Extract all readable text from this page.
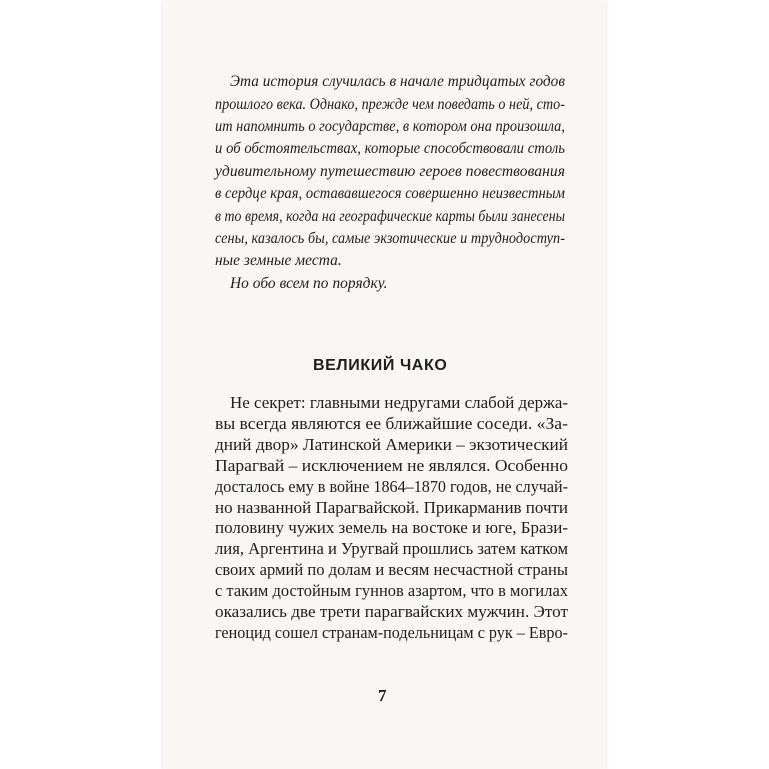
Эта история случилась в начале тридцатых годов

прошлого века. Однако, прежде чем поведать о ней, сто-

ит напомнить о государстве, в котором она произошла,

и об обстоятельствах, которые способствовали столь

удивительному путешествию героев повествования

в сердце края, остававшегося совершенно неизвестным

в то время, когда на географические карты были занесены

сены, казалось бы, самые экзотические и труднодоступ-

ные земные места.

Но обо всем по порядку.

ВЕЛИКИЙ ЧАКО

Не секрет: главными недругами слабой держа-

вы всегда являются ее ближайшие соседи. «За-

дний двор» Латинской Америки – экзотический

Парагвай – исключением не являлся. Особенно

досталось ему в войне 1864–1870 годов, не случай-

но названной Парагвайской. Прикарманив почти

половину чужих земель на востоке и юге, Брази-

лия, Аргентина и Уругвай прошлись затем катком

своих армий по долам и весям несчастной страны

с таким достойным гуннов азартом, что в могилах

оказались две трети парагвайских мужчин. Этот

геноцид сошел странам-подельницам с рук – Евро-

7
